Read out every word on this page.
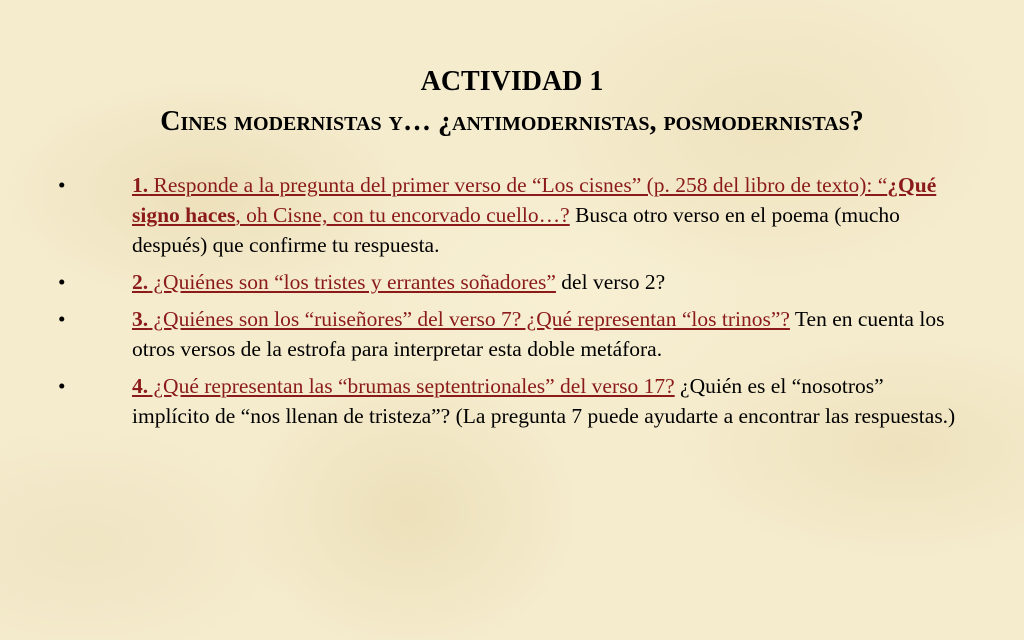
ACTIVIDAD 1
Cines modernistas y… ¿antimodernistas, posmodernistas?
•	1. Responde a la pregunta del primer verso de “Los cisnes” (p. 258 del libro de texto): “¿Qué signo haces, oh Cisne, con tu encorvado cuello…? Busca otro verso en el poema (mucho después) que confirme tu respuesta.
•	2. ¿Quiénes son “los tristes y errantes soñadores” del verso 2?
•	3. ¿Quiénes son los “ruiseñores” del verso 7? ¿Qué representan “los trinos”? Ten en cuenta los otros versos de la estrofa para interpretar esta doble metáfora.
•	4. ¿Qué representan las “brumas septentrionales” del verso 17? ¿Quién es el “nosotros” implícito de “nos llenan de tristeza”? (La pregunta 7 puede ayudarte a encontrar las respuestas.)
